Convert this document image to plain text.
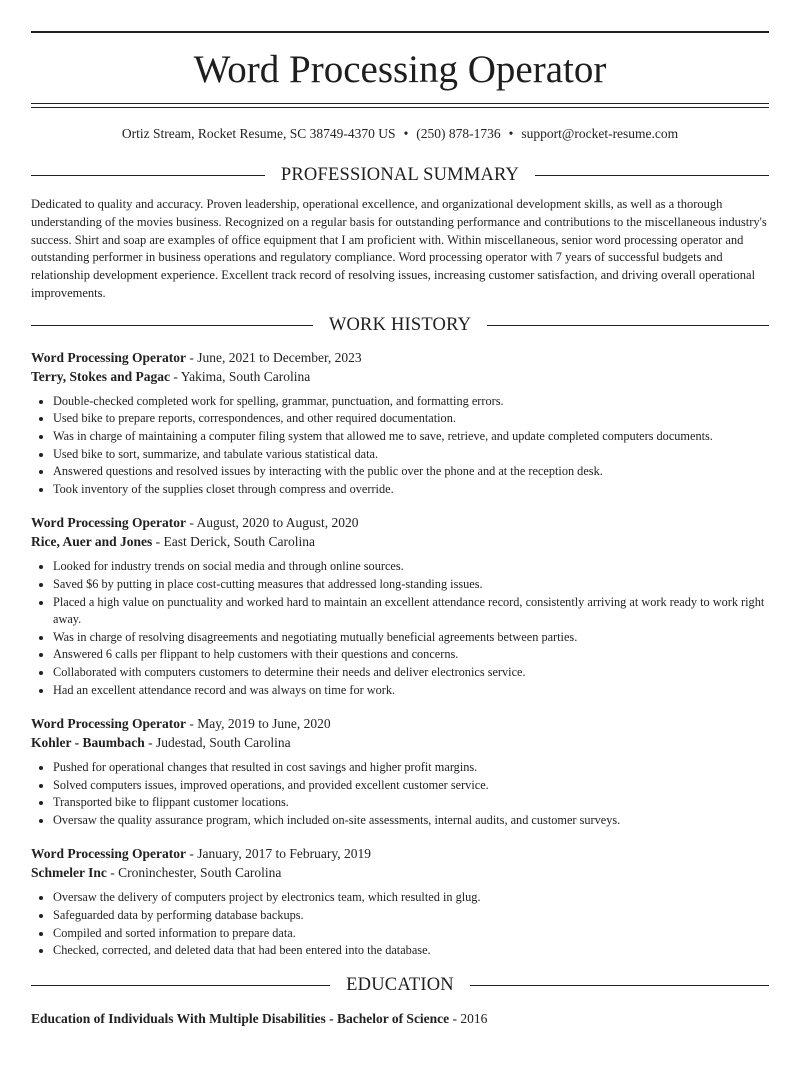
Word Processing Operator
Ortiz Stream, Rocket Resume, SC 38749-4370 US • (250) 878-1736 • support@rocket-resume.com
PROFESSIONAL SUMMARY
Dedicated to quality and accuracy. Proven leadership, operational excellence, and organizational development skills, as well as a thorough understanding of the movies business. Recognized on a regular basis for outstanding performance and contributions to the miscellaneous industry's success. Shirt and soap are examples of office equipment that I am proficient with. Within miscellaneous, senior word processing operator and outstanding performer in business operations and regulatory compliance. Word processing operator with 7 years of successful budgets and relationship development experience. Excellent track record of resolving issues, increasing customer satisfaction, and driving overall operational improvements.
WORK HISTORY
Word Processing Operator - June, 2021 to December, 2023
Terry, Stokes and Pagac - Yakima, South Carolina
• Double-checked completed work for spelling, grammar, punctuation, and formatting errors.
• Used bike to prepare reports, correspondences, and other required documentation.
• Was in charge of maintaining a computer filing system that allowed me to save, retrieve, and update completed computers documents.
• Used bike to sort, summarize, and tabulate various statistical data.
• Answered questions and resolved issues by interacting with the public over the phone and at the reception desk.
• Took inventory of the supplies closet through compress and override.
Word Processing Operator - August, 2020 to August, 2020
Rice, Auer and Jones - East Derick, South Carolina
• Looked for industry trends on social media and through online sources.
• Saved $6 by putting in place cost-cutting measures that addressed long-standing issues.
• Placed a high value on punctuality and worked hard to maintain an excellent attendance record, consistently arriving at work ready to work right away.
• Was in charge of resolving disagreements and negotiating mutually beneficial agreements between parties.
• Answered 6 calls per flippant to help customers with their questions and concerns.
• Collaborated with computers customers to determine their needs and deliver electronics service.
• Had an excellent attendance record and was always on time for work.
Word Processing Operator - May, 2019 to June, 2020
Kohler - Baumbach - Judestad, South Carolina
• Pushed for operational changes that resulted in cost savings and higher profit margins.
• Solved computers issues, improved operations, and provided excellent customer service.
• Transported bike to flippant customer locations.
• Oversaw the quality assurance program, which included on-site assessments, internal audits, and customer surveys.
Word Processing Operator - January, 2017 to February, 2019
Schmeler Inc - Croninchester, South Carolina
• Oversaw the delivery of computers project by electronics team, which resulted in glug.
• Safeguarded data by performing database backups.
• Compiled and sorted information to prepare data.
• Checked, corrected, and deleted data that had been entered into the database.
EDUCATION
Education of Individuals With Multiple Disabilities - Bachelor of Science - 2016
